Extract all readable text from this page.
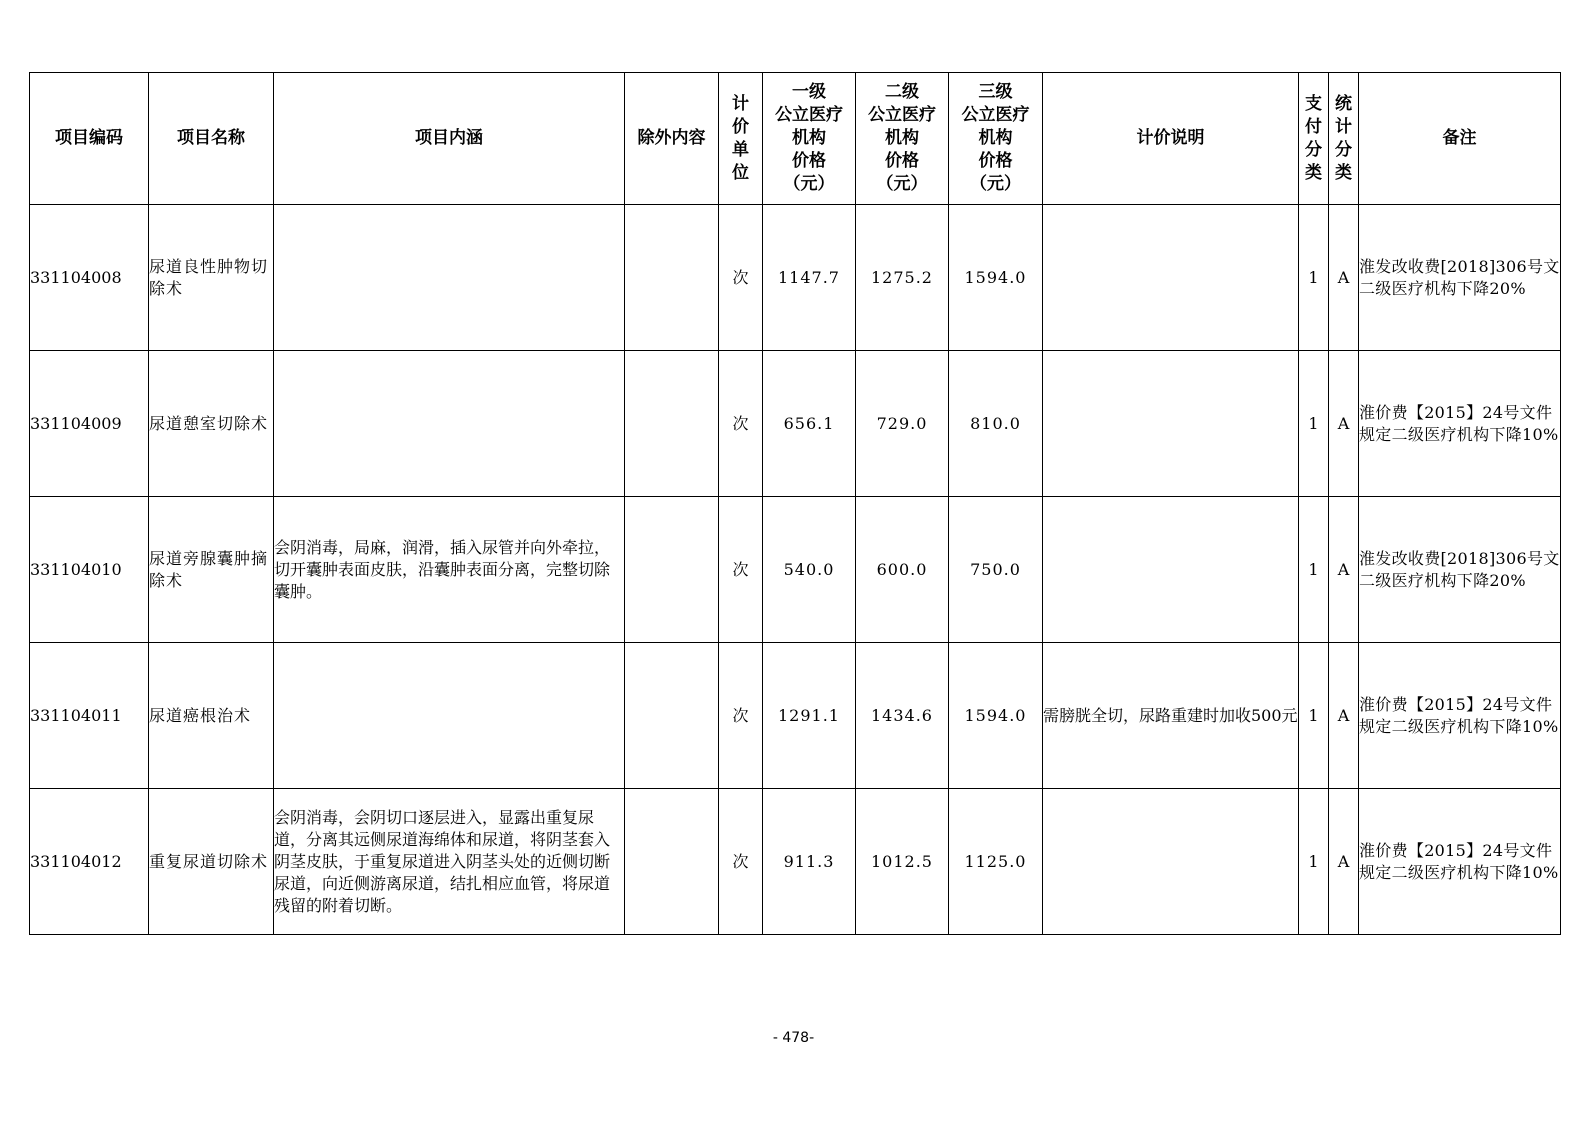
项目编码	项目名称	项目内涵	除外内容	计
价
单
位	一级
公立医疗
机构
价格
（元）	二级
公立医疗
机构
价格
（元）	三级
公立医疗
机构
价格
（元）	计价说明	支
付
分
类	统
计
分
类	备注
331104008	尿道良性肿物切除术			次	1147.7	1275.2	1594.0		1	A	淮发改收费[2018]306号文二级医疗机构下降20%
331104009	尿道憩室切除术			次	656.1	729.0	810.0		1	A	淮价费【2015】24号文件规定二级医疗机构下降10%
331104010	尿道旁腺囊肿摘除术	会阴消毒，局麻，润滑，插入尿管并向外牵拉，切开囊肿表面皮肤，沿囊肿表面分离，完整切除囊肿。		次	540.0	600.0	750.0		1	A	淮发改收费[2018]306号文二级医疗机构下降20%
331104011	尿道癌根治术			次	1291.1	1434.6	1594.0	需膀胱全切，尿路重建时加收500元	1	A	淮价费【2015】24号文件规定二级医疗机构下降10%
331104012	重复尿道切除术	会阴消毒，会阴切口逐层进入，显露出重复尿道，分离其远侧尿道海绵体和尿道，将阴茎套入阴茎皮肤，于重复尿道进入阴茎头处的近侧切断尿道，向近侧游离尿道，结扎相应血管，将尿道残留的附着切断。		次	911.3	1012.5	1125.0		1	A	淮价费【2015】24号文件规定二级医疗机构下降10%
- 478-
